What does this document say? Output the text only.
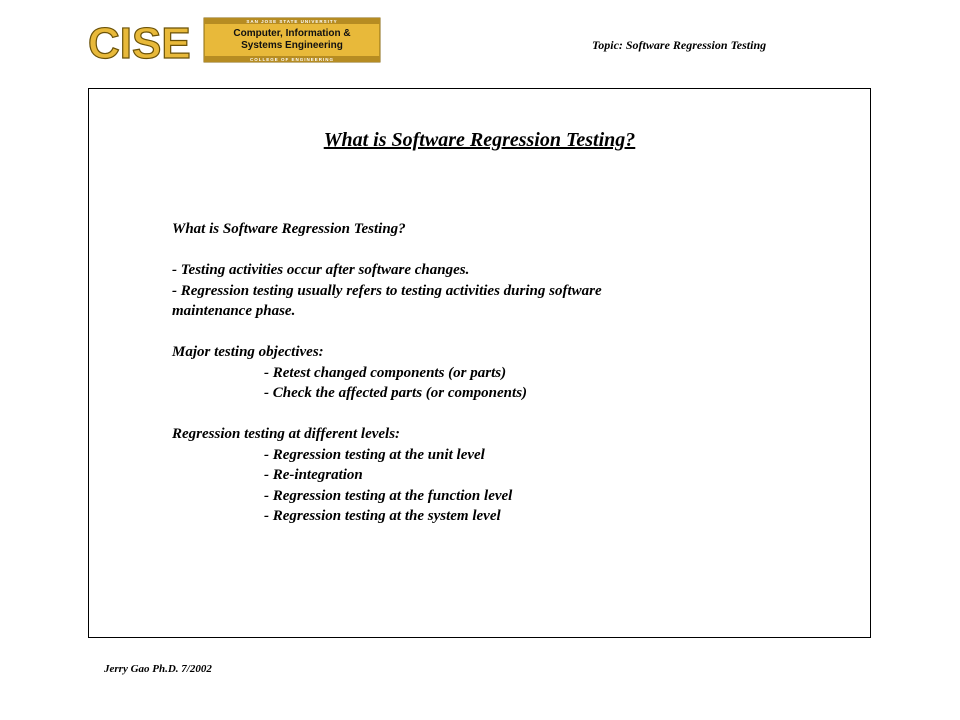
CISE	SAN JOSE STATE UNIVERSITY
Computer, Information &
Systems Engineering
COLLEGE OF ENGINEERING
Topic: Software Regression Testing
What is Software Regression Testing?
What is Software Regression Testing?
- Testing activities occur after software changes.
- Regression testing usually refers to testing activities during software
maintenance phase.
Major testing objectives:
- Retest changed components (or parts)
- Check the affected parts (or components)
Regression testing at different levels:
- Regression testing at the unit level
- Re-integration
- Regression testing at the function level
- Regression testing at the system level
Jerry Gao Ph.D. 7/2002
